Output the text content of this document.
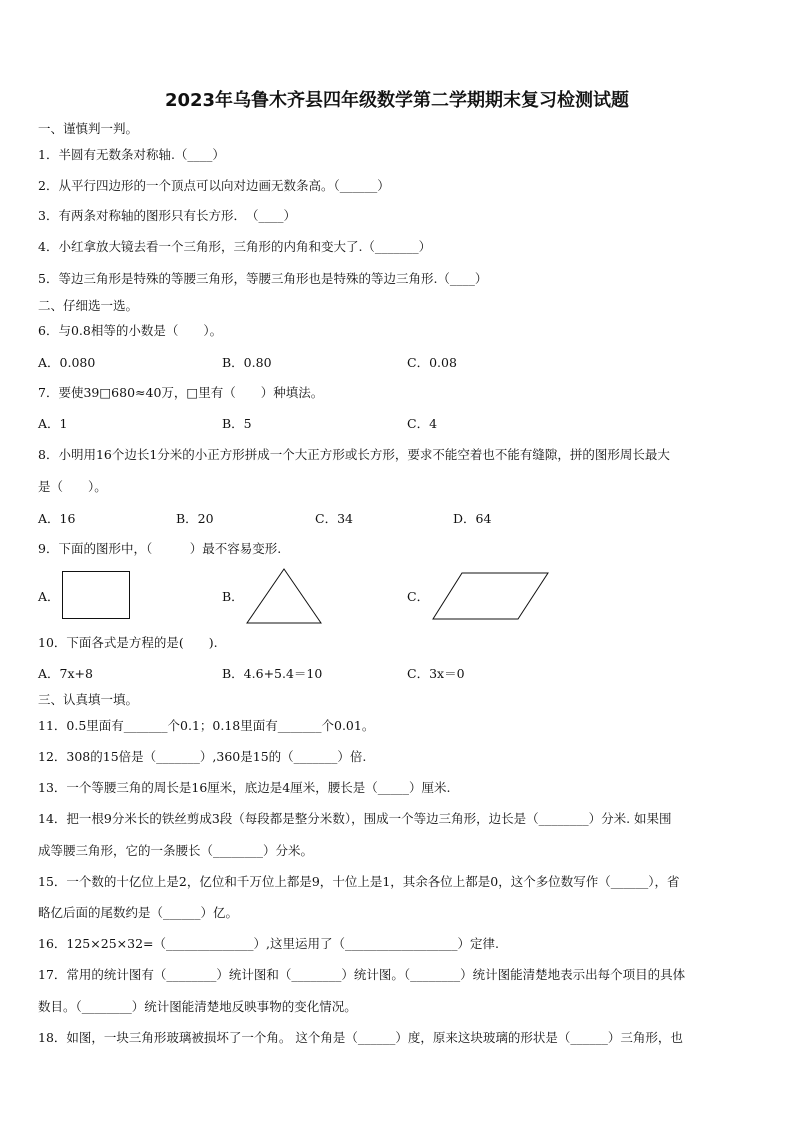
2023年乌鲁木齐县四年级数学第二学期期末复习检测试题
一、谨慎判一判。
1．半圆有无数条对称轴.（____）
2．从平行四边形的一个顶点可以向对边画无数条高。（______）
3．有两条对称轴的图形只有长方形．　（____）
4．小红拿放大镜去看一个三角形，三角形的内角和变大了.（_______）
5．等边三角形是特殊的等腰三角形，等腰三角形也是特殊的等边三角形.（____）
二、仔细选一选。
6．与0.8相等的小数是（　　）。
A．0.080	B．0.80	C．0.08
7．要使39□680≈40万，□里有（　　）种填法。
A．1	B．5	C．4
8．小明用16个边长1分米的小正方形拼成一个大正方形或长方形，要求不能空着也不能有缝隙，拼的图形周长最大
是（　　）。
A．16	B．20	C．34	D．64
9．下面的图形中，（　　　）最不容易变形.
A．	B．	C．
10．下面各式是方程的是(　　).
A．7x+8	B．4.6+5.4＝10	C．3x＝0
三、认真填一填。
11．0.5里面有_______个0.1；0.18里面有_______个0.01。
12．308的15倍是（_______）,360是15的（_______）倍.
13．一个等腰三角的周长是16厘米，底边是4厘米，腰长是（_____）厘米.
14．把一根9分米长的铁丝剪成3段（每段都是整分米数），围成一个等边三角形，边长是（________）分米. 如果围
成等腰三角形，它的一条腰长（________）分米。
15．一个数的十亿位上是2，亿位和千万位上都是9，十位上是1，其余各位上都是0，这个多位数写作（______），省
略亿后面的尾数约是（______）亿。
16．125×25×32=（______________）,这里运用了（__________________）定律.
17．常用的统计图有（________）统计图和（________）统计图。（________）统计图能清楚地表示出每个项目的具体
数目。（________）统计图能清楚地反映事物的变化情况。
18．如图，一块三角形玻璃被损坏了一个角。 这个角是（______）度，原来这块玻璃的形状是（______）三角形，也
